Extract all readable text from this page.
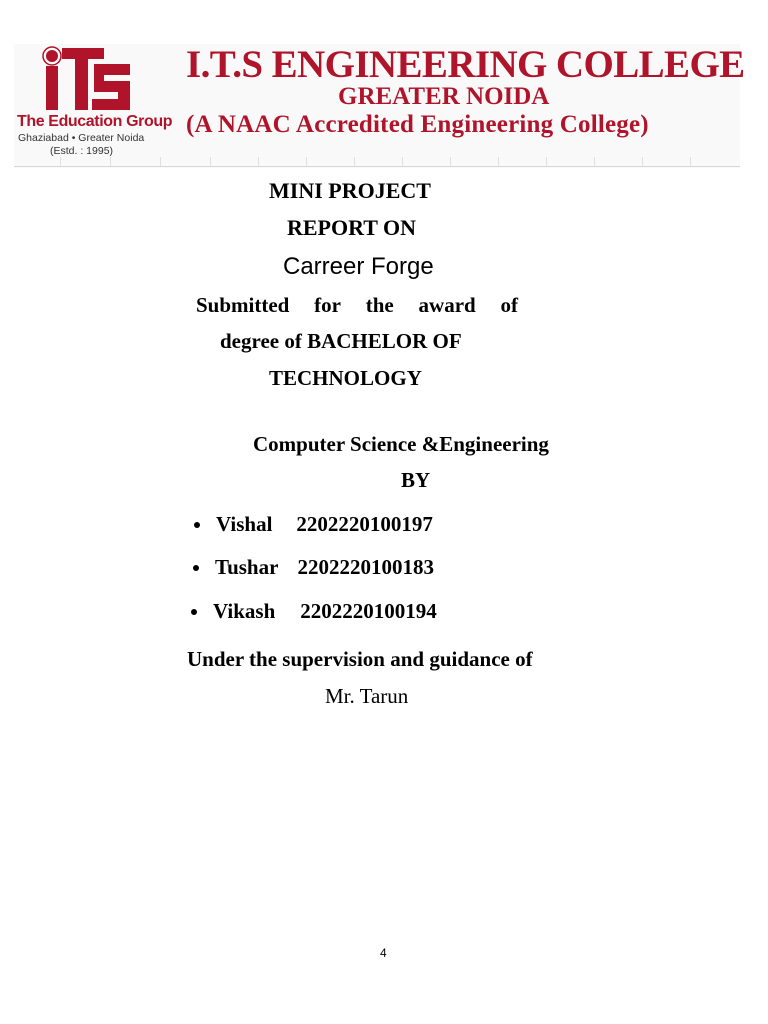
The Education Group
Ghaziabad • Greater Noida
(Estd. : 1995)
I.T.S ENGINEERING COLLEGE
GREATER NOIDA
(A NAAC Accredited Engineering College)
MINI PROJECT
REPORT ON
Carreer Forge
Submitted for the award of
degree of BACHELOR OF
TECHNOLOGY
Computer Science &Engineering
BY
Vishal 2202220100197
Tushar 2202220100183
Vikash 2202220100194
Under the supervision and guidance of
Mr. Tarun
4
